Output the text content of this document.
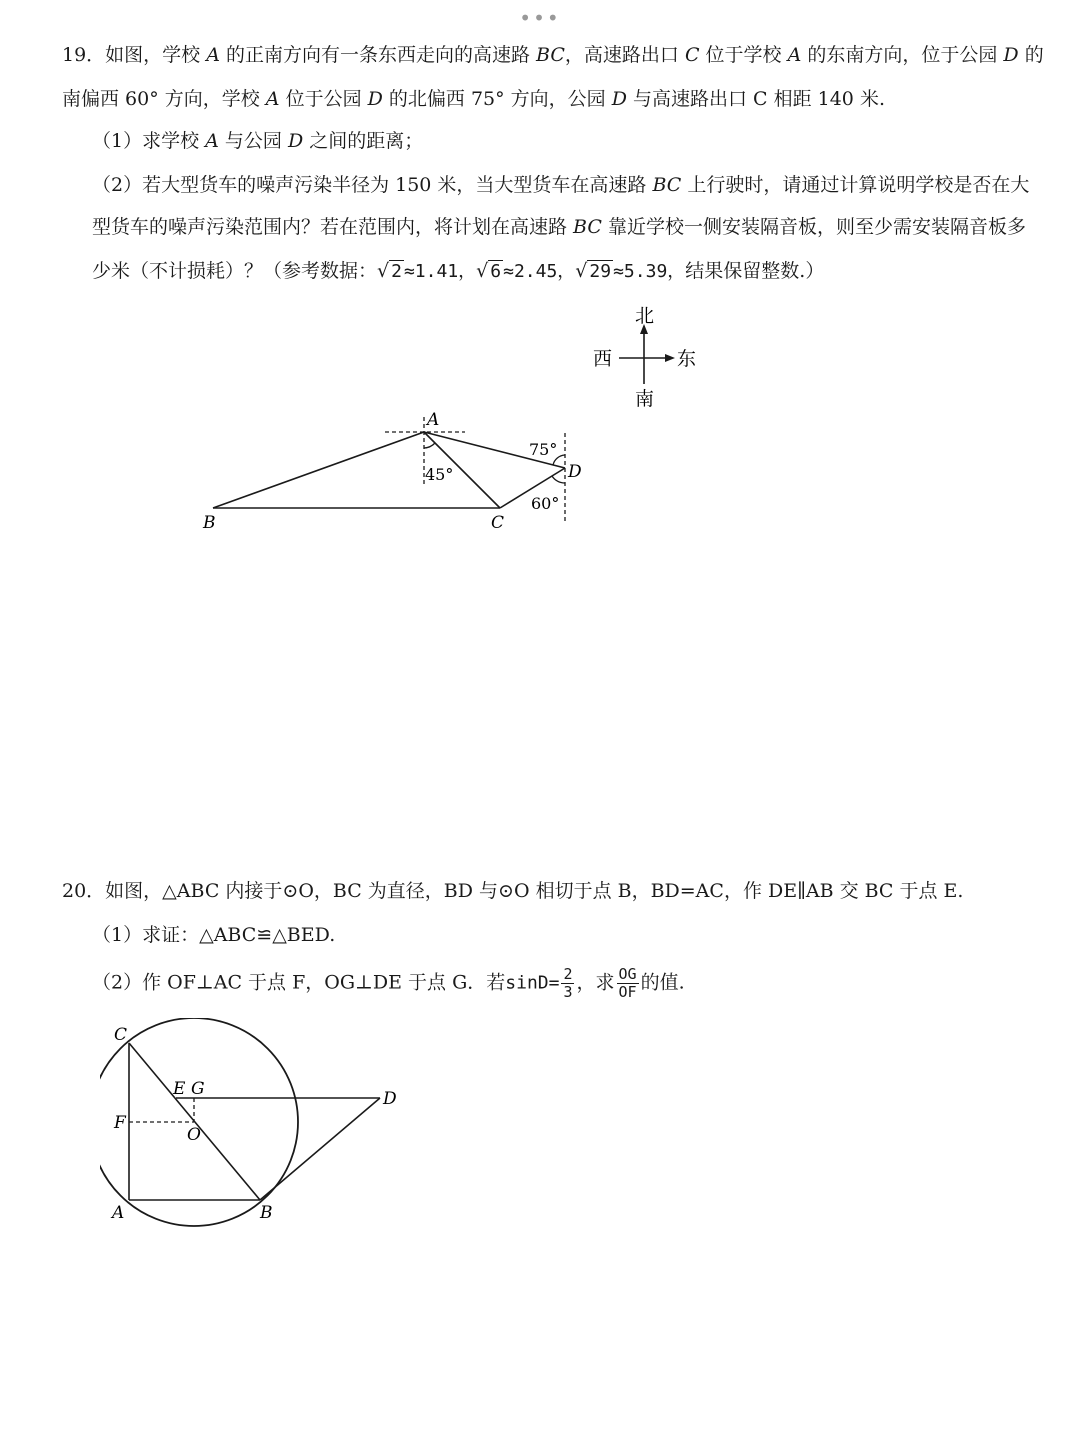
•••
19．如图，学校 A 的正南方向有一条东西走向的高速路 BC，高速路出口 C 位于学校 A 的东南方向，位于公园 D 的
南偏西 60° 方向，学校 A 位于公园 D 的北偏西 75° 方向，公园 D 与高速路出口 C 相距 140 米.
（1）求学校 A 与公园 D 之间的距离；
（2）若大型货车的噪声污染半径为 150 米，当大型货车在高速路 BC 上行驶时，请通过计算说明学校是否在大
型货车的噪声污染范围内？若在范围内，将计划在高速路 BC 靠近学校一侧安装隔音板，则至少需安装隔音板多
少米（不计损耗）？（参考数据：√ 2 ≈1.41，√ 6 ≈2.45，√ 29 ≈5.39，结果保留整数.）
北
南
西	东
A
B	C
D
45°
75°
60°
20．如图，△ABC 内接于⊙O，BC 为直径，BD 与⊙O 相切于点 B，BD=AC，作 DE∥AB 交 BC 于点 E.
（1）求证：△ABC≌△BED.
（2）作 OF⊥AC 于点 F，OG⊥DE 于点 G．若$\sin D= \frac{2}{3}$ ，求 $\frac{OG}{OF}$ 的值.
C
A	B
D
E G
F
O
